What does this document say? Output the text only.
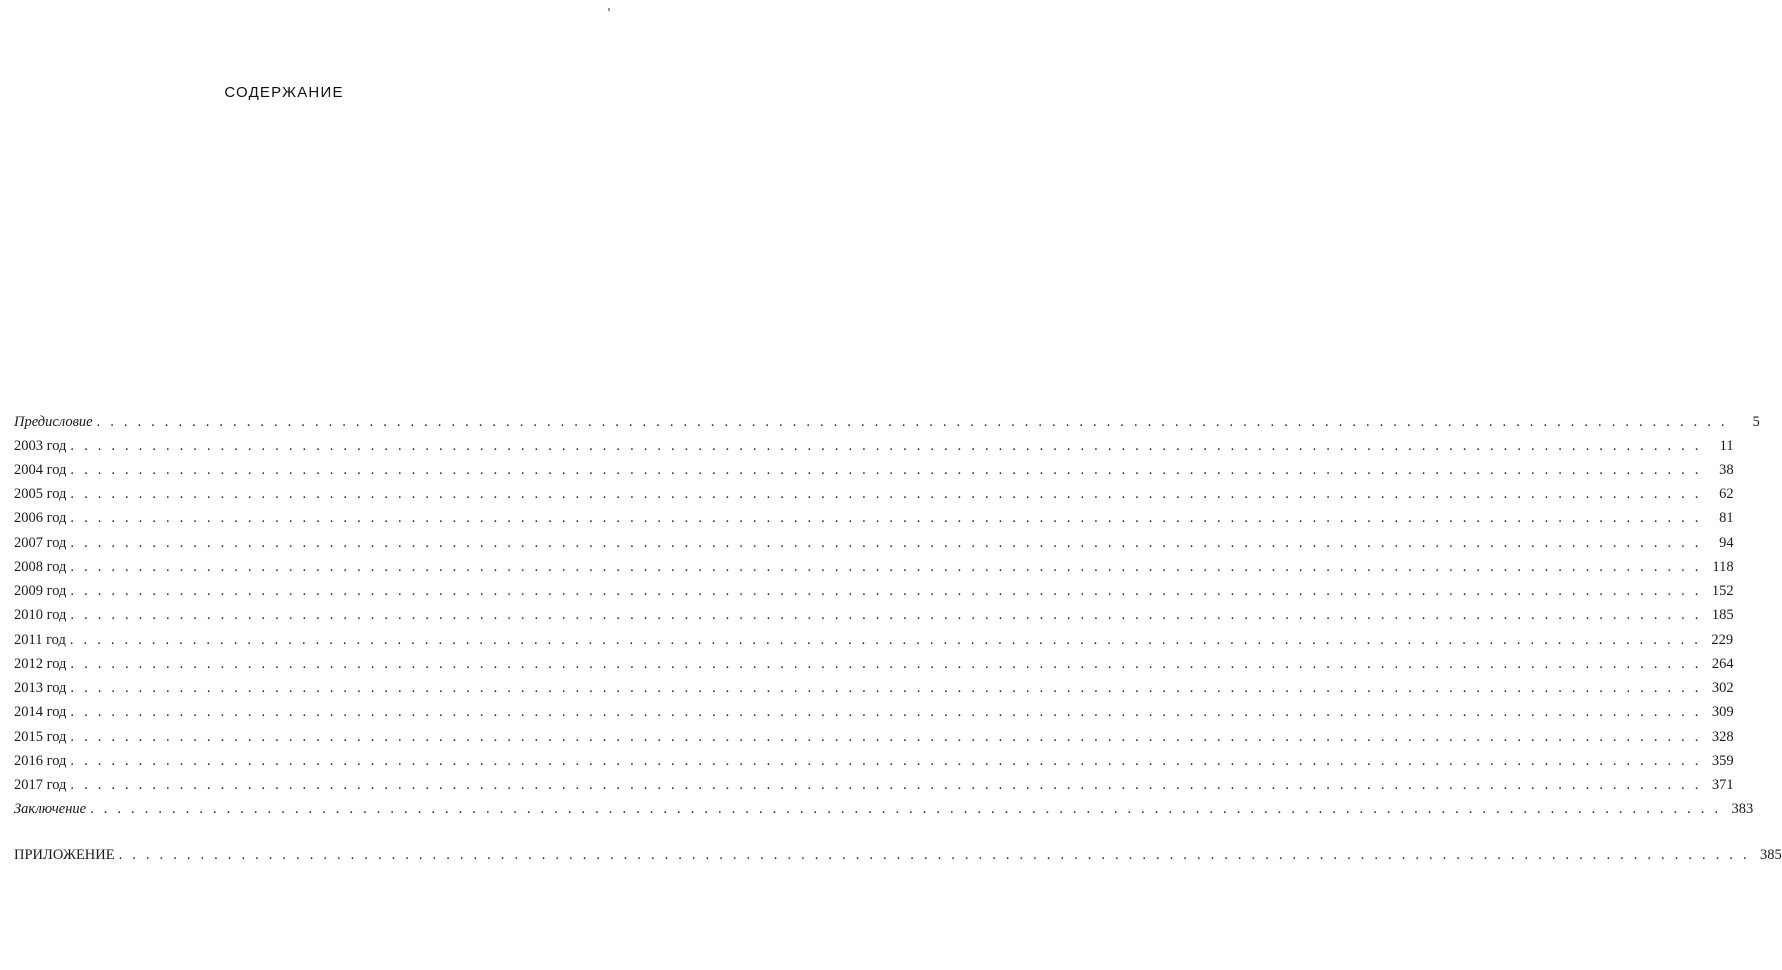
СОДЕРЖАНИЕ
Предисловие . . . . . . . . . . . . . . . . . . . . . . . . . . . . . . . . . . . . . . . . . . . . . . . . . . . . . . . . . . . . . . . . . . . . . . . . . . . . . . . . . . . . . . . . . . . . . . . . . . . . . . . . . . . . . . . . . . . . . . . .	5
2003 год . . . . . . . . . . . . . . . . . . . . . . . . . . . . . . . . . . . . . . . . . . . . . . . . . . . . . . . . . . . . . . . . . . . . . . . . . . . . . . . . . . . . . . . . . . . . . . . . . . . . . . . . . . . . . . . . . . . . . . . .	11
2004 год . . . . . . . . . . . . . . . . . . . . . . . . . . . . . . . . . . . . . . . . . . . . . . . . . . . . . . . . . . . . . . . . . . . . . . . . . . . . . . . . . . . . . . . . . . . . . . . . . . . . . . . . . . . . . . . . . . . . . . . .	38
2005 год . . . . . . . . . . . . . . . . . . . . . . . . . . . . . . . . . . . . . . . . . . . . . . . . . . . . . . . . . . . . . . . . . . . . . . . . . . . . . . . . . . . . . . . . . . . . . . . . . . . . . . . . . . . . . . . . . . . . . . . .	62
2006 год . . . . . . . . . . . . . . . . . . . . . . . . . . . . . . . . . . . . . . . . . . . . . . . . . . . . . . . . . . . . . . . . . . . . . . . . . . . . . . . . . . . . . . . . . . . . . . . . . . . . . . . . . . . . . . . . . . . . . . . .	81
2007 год . . . . . . . . . . . . . . . . . . . . . . . . . . . . . . . . . . . . . . . . . . . . . . . . . . . . . . . . . . . . . . . . . . . . . . . . . . . . . . . . . . . . . . . . . . . . . . . . . . . . . . . . . . . . . . . . . . . . . . . .	94
2008 год . . . . . . . . . . . . . . . . . . . . . . . . . . . . . . . . . . . . . . . . . . . . . . . . . . . . . . . . . . . . . . . . . . . . . . . . . . . . . . . . . . . . . . . . . . . . . . . . . . . . . . . . . . . . . . . . . . . . . . . . 118
2009 год . . . . . . . . . . . . . . . . . . . . . . . . . . . . . . . . . . . . . . . . . . . . . . . . . . . . . . . . . . . . . . . . . . . . . . . . . . . . . . . . . . . . . . . . . . . . . . . . . . . . . . . . . . . . . . . . . . . . . . . . 152
2010 год . . . . . . . . . . . . . . . . . . . . . . . . . . . . . . . . . . . . . . . . . . . . . . . . . . . . . . . . . . . . . . . . . . . . . . . . . . . . . . . . . . . . . . . . . . . . . . . . . . . . . . . . . . . . . . . . . . . . . . . . 185
2011 год . . . . . . . . . . . . . . . . . . . . . . . . . . . . . . . . . . . . . . . . . . . . . . . . . . . . . . . . . . . . . . . . . . . . . . . . . . . . . . . . . . . . . . . . . . . . . . . . . . . . . . . . . . . . . . . . . . . . . . . . 229
2012 год . . . . . . . . . . . . . . . . . . . . . . . . . . . . . . . . . . . . . . . . . . . . . . . . . . . . . . . . . . . . . . . . . . . . . . . . . . . . . . . . . . . . . . . . . . . . . . . . . . . . . . . . . . . . . . . . . . . . . . . . 264
2013 год . . . . . . . . . . . . . . . . . . . . . . . . . . . . . . . . . . . . . . . . . . . . . . . . . . . . . . . . . . . . . . . . . . . . . . . . . . . . . . . . . . . . . . . . . . . . . . . . . . . . . . . . . . . . . . . . . . . . . . . . 302
2014 год . . . . . . . . . . . . . . . . . . . . . . . . . . . . . . . . . . . . . . . . . . . . . . . . . . . . . . . . . . . . . . . . . . . . . . . . . . . . . . . . . . . . . . . . . . . . . . . . . . . . . . . . . . . . . . . . . . . . . . . . 309
2015 год . . . . . . . . . . . . . . . . . . . . . . . . . . . . . . . . . . . . . . . . . . . . . . . . . . . . . . . . . . . . . . . . . . . . . . . . . . . . . . . . . . . . . . . . . . . . . . . . . . . . . . . . . . . . . . . . . . . . . . . . 328
2016 год . . . . . . . . . . . . . . . . . . . . . . . . . . . . . . . . . . . . . . . . . . . . . . . . . . . . . . . . . . . . . . . . . . . . . . . . . . . . . . . . . . . . . . . . . . . . . . . . . . . . . . . . . . . . . . . . . . . . . . . . 359
2017 год . . . . . . . . . . . . . . . . . . . . . . . . . . . . . . . . . . . . . . . . . . . . . . . . . . . . . . . . . . . . . . . . . . . . . . . . . . . . . . . . . . . . . . . . . . . . . . . . . . . . . . . . . . . . . . . . . . . . . . . . 371
Заключение . . . . . . . . . . . . . . . . . . . . . . . . . . . . . . . . . . . . . . . . . . . . . . . . . . . . . . . . . . . . . . . . . . . . . . . . . . . . . . . . . . . . . . . . . . . . . . . . . . . . . . . . . . . . . . . . . . . . . . . . 383
ПРИЛОЖЕНИЕ . . . . . . . . . . . . . . . . . . . . . . . . . . . . . . . . . . . . . . . . . . . . . . . . . . . . . . . . . . . . . . . . . . . . . . . . . . . . . . . . . . . . . . . . . . . . . . . . . . . . . . . . . . . . . . . . . . . . . . . . 385
